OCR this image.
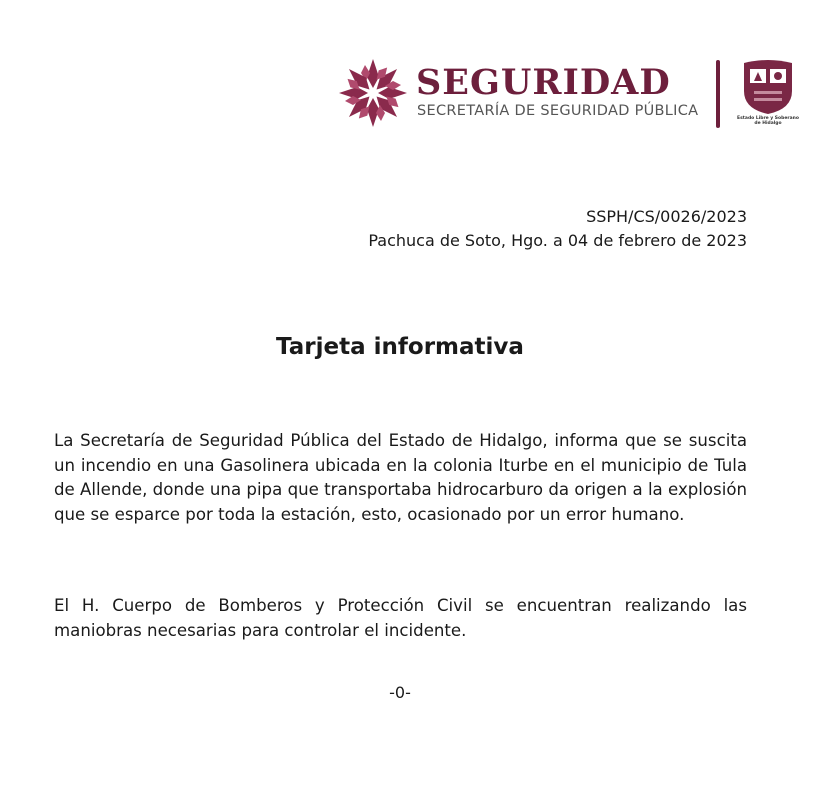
SEGURIDAD
SECRETARÍA DE SEGURIDAD PÚBLICA	Estado Libre y Soberano de Hidalgo
SSPH/CS/0026/2023
Pachuca de Soto, Hgo. a 04 de febrero de 2023
Tarjeta informativa
La Secretaría de Seguridad Pública del Estado de Hidalgo, informa que se suscita un incendio en una Gasolinera ubicada en la colonia Iturbe en el municipio de Tula de Allende, donde una pipa que transportaba hidrocarburo da origen a la explosión que se esparce por toda la estación, esto, ocasionado por un error humano.
El H. Cuerpo de Bomberos y Protección Civil se encuentran realizando las maniobras necesarias para controlar el incidente.
-0-
